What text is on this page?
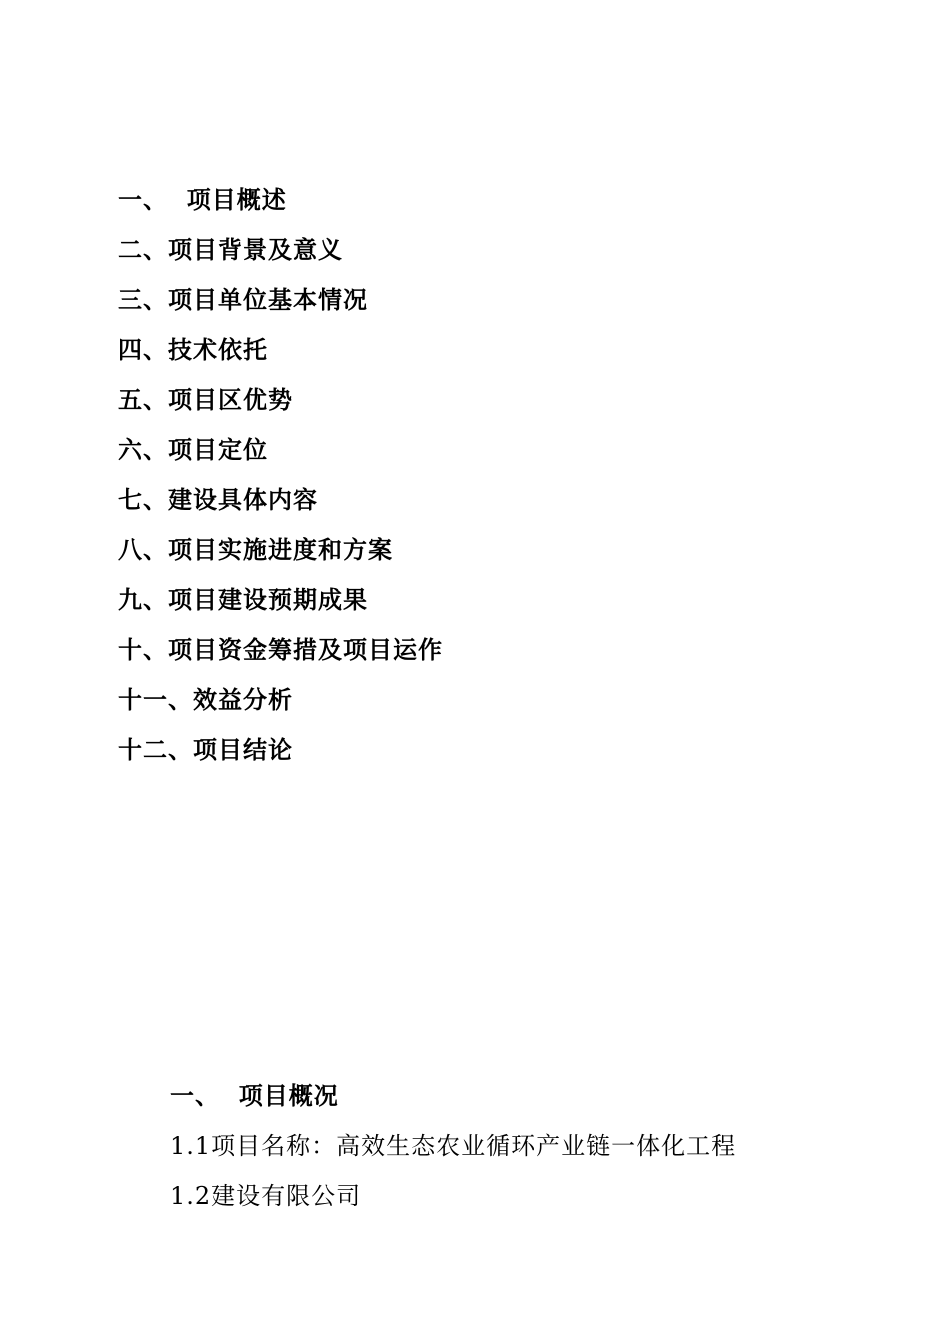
一、  项目概述
二、项目背景及意义
三、项目单位基本情况
四、技术依托
五、项目区优势
六、项目定位
七、建设具体内容
八、项目实施进度和方案
九、项目建设预期成果
十、项目资金筹措及项目运作
十一、效益分析
十二、项目结论
一、  项目概况
1.1项目名称：高效生态农业循环产业链一体化工程
1.2建设有限公司
